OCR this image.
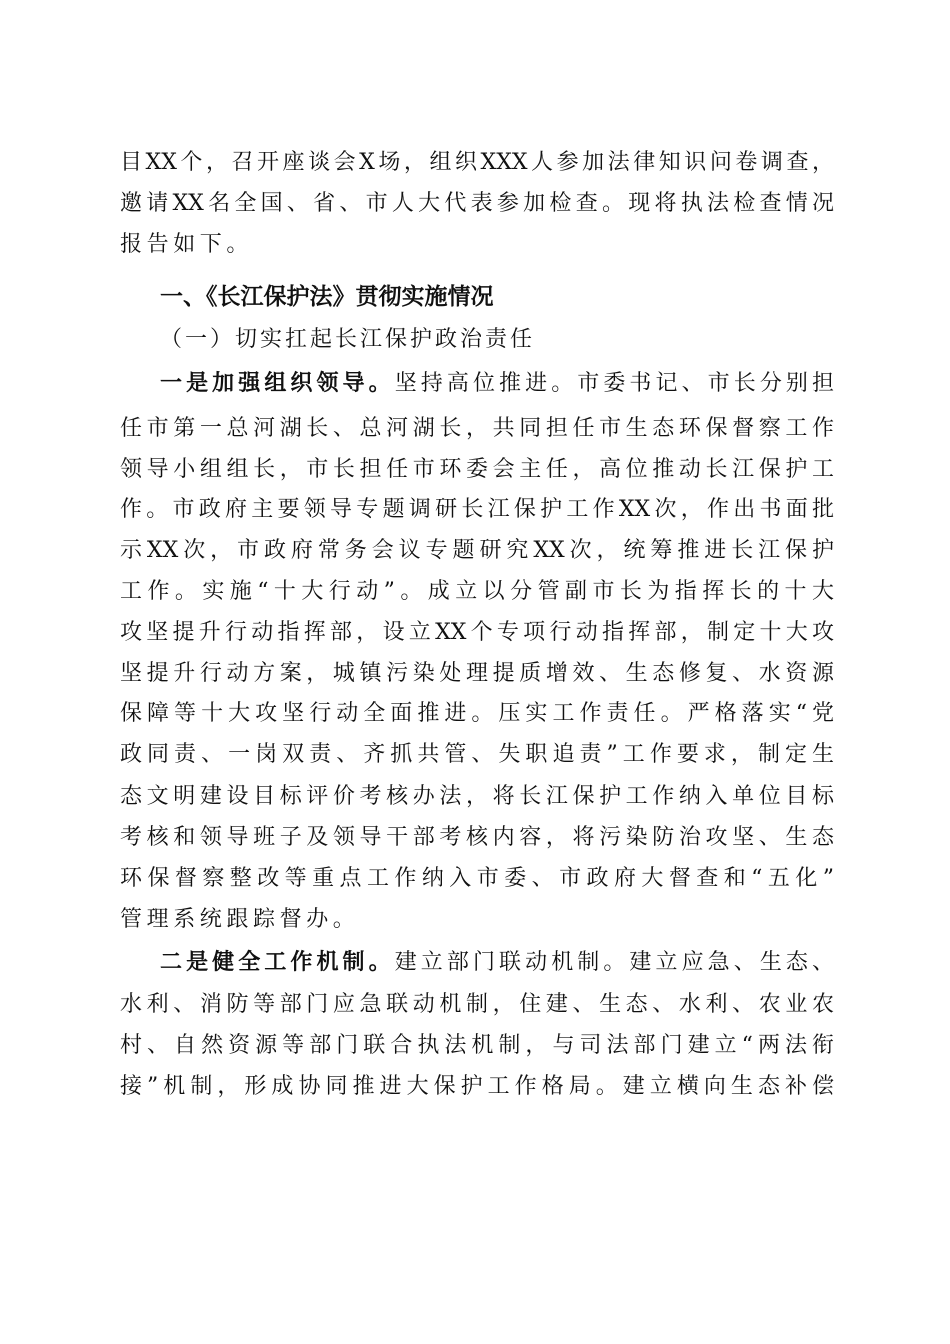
目XX个，召开座谈会X场，组织XXX人参加法律知识问卷调查，
邀请XX名全国、省、市人大代表参加检查。现将执法检查情况
报告如下。
一、《长江保护法》贯彻实施情况
（一）切实扛起长江保护政治责任
一是加强组织领导。坚持高位推进。市委书记、市长分别担
任市第一总河湖长、总河湖长，共同担任市生态环保督察工作
领导小组组长，市长担任市环委会主任，高位推动长江保护工
作。市政府主要领导专题调研长江保护工作XX次，作出书面批
示XX次，市政府常务会议专题研究XX次，统筹推进长江保护
工作。实施“十大行动”。成立以分管副市长为指挥长的十大
攻坚提升行动指挥部，设立XX个专项行动指挥部，制定十大攻
坚提升行动方案，城镇污染处理提质增效、生态修复、水资源
保障等十大攻坚行动全面推进。压实工作责任。严格落实“党
政同责、一岗双责、齐抓共管、失职追责”工作要求，制定生
态文明建设目标评价考核办法，将长江保护工作纳入单位目标
考核和领导班子及领导干部考核内容，将污染防治攻坚、生态
环保督察整改等重点工作纳入市委、市政府大督查和“五化”
管理系统跟踪督办。
二是健全工作机制。建立部门联动机制。建立应急、生态、
水利、消防等部门应急联动机制，住建、生态、水利、农业农
村、自然资源等部门联合执法机制，与司法部门建立“两法衔
接”机制，形成协同推进大保护工作格局。建立横向生态补偿
